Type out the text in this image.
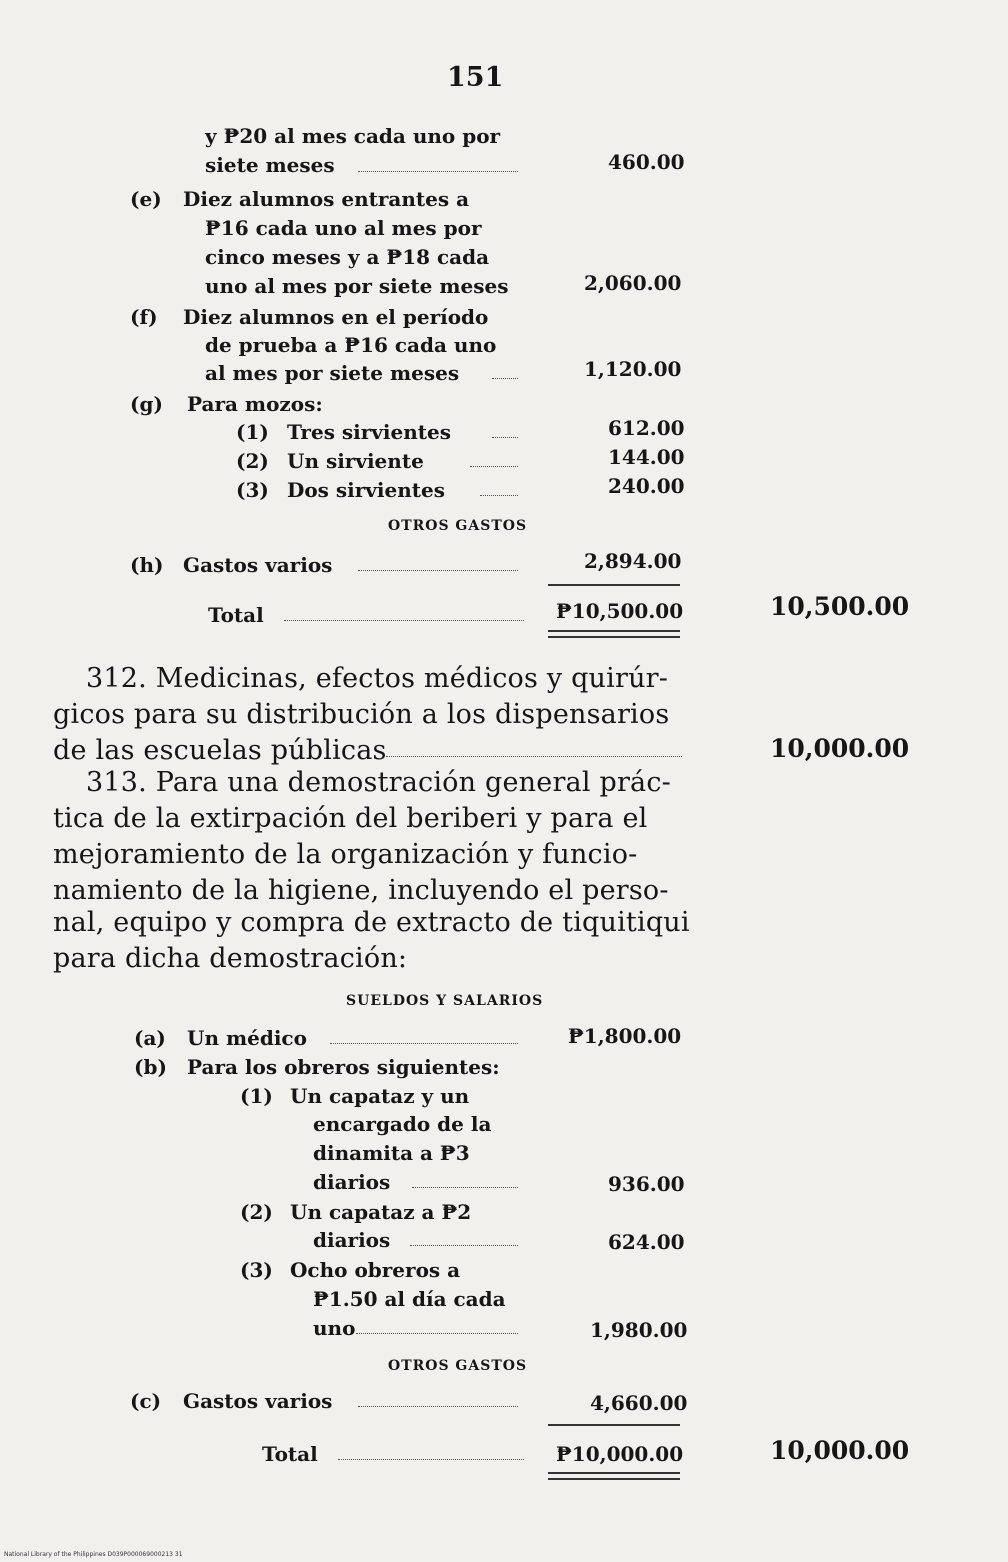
151
y ₱20 al mes cada uno por
siete meses	460.00
(e) Diez alumnos entrantes a
₱16 cada uno al mes por
cinco meses y a ₱18 cada
uno al mes por siete meses	2,060.00
(f) Diez alumnos en el período
de prueba a ₱16 cada uno
al mes por siete meses	1,120.00
(g) Para mozos:
(1) Tres sirvientes	612.00
(2) Un sirviente	144.00
(3) Dos sirvientes	240.00
OTROS GASTOS
(h) Gastos varios	2,894.00
Total	₱10,500.00	10,500.00
312. Medicinas, efectos médicos y quirúr-
gicos para su distribución a los dispensarios
de las escuelas públicas	10,000.00
313. Para una demostración general prác-
tica de la extirpación del beriberi y para el
mejoramiento de la organización y funcio-
namiento de la higiene, incluyendo el perso-
nal, equipo y compra de extracto de tiquitiqui
para dicha demostración:
SUELDOS Y SALARIOS
(a) Un médico	₱1,800.00
(b) Para los obreros siguientes:
(1) Un capataz y un
encargado de la
dinamita a ₱3
diarios	936.00
(2) Un capataz a ₱2
diarios	624.00
(3) Ocho obreros a
₱1.50 al día cada
uno	1,980.00
OTROS GASTOS
(c) Gastos varios	4,660.00
Total	₱10,000.00	10,000.00
National Library of the Philippines D039P000069000213 31
